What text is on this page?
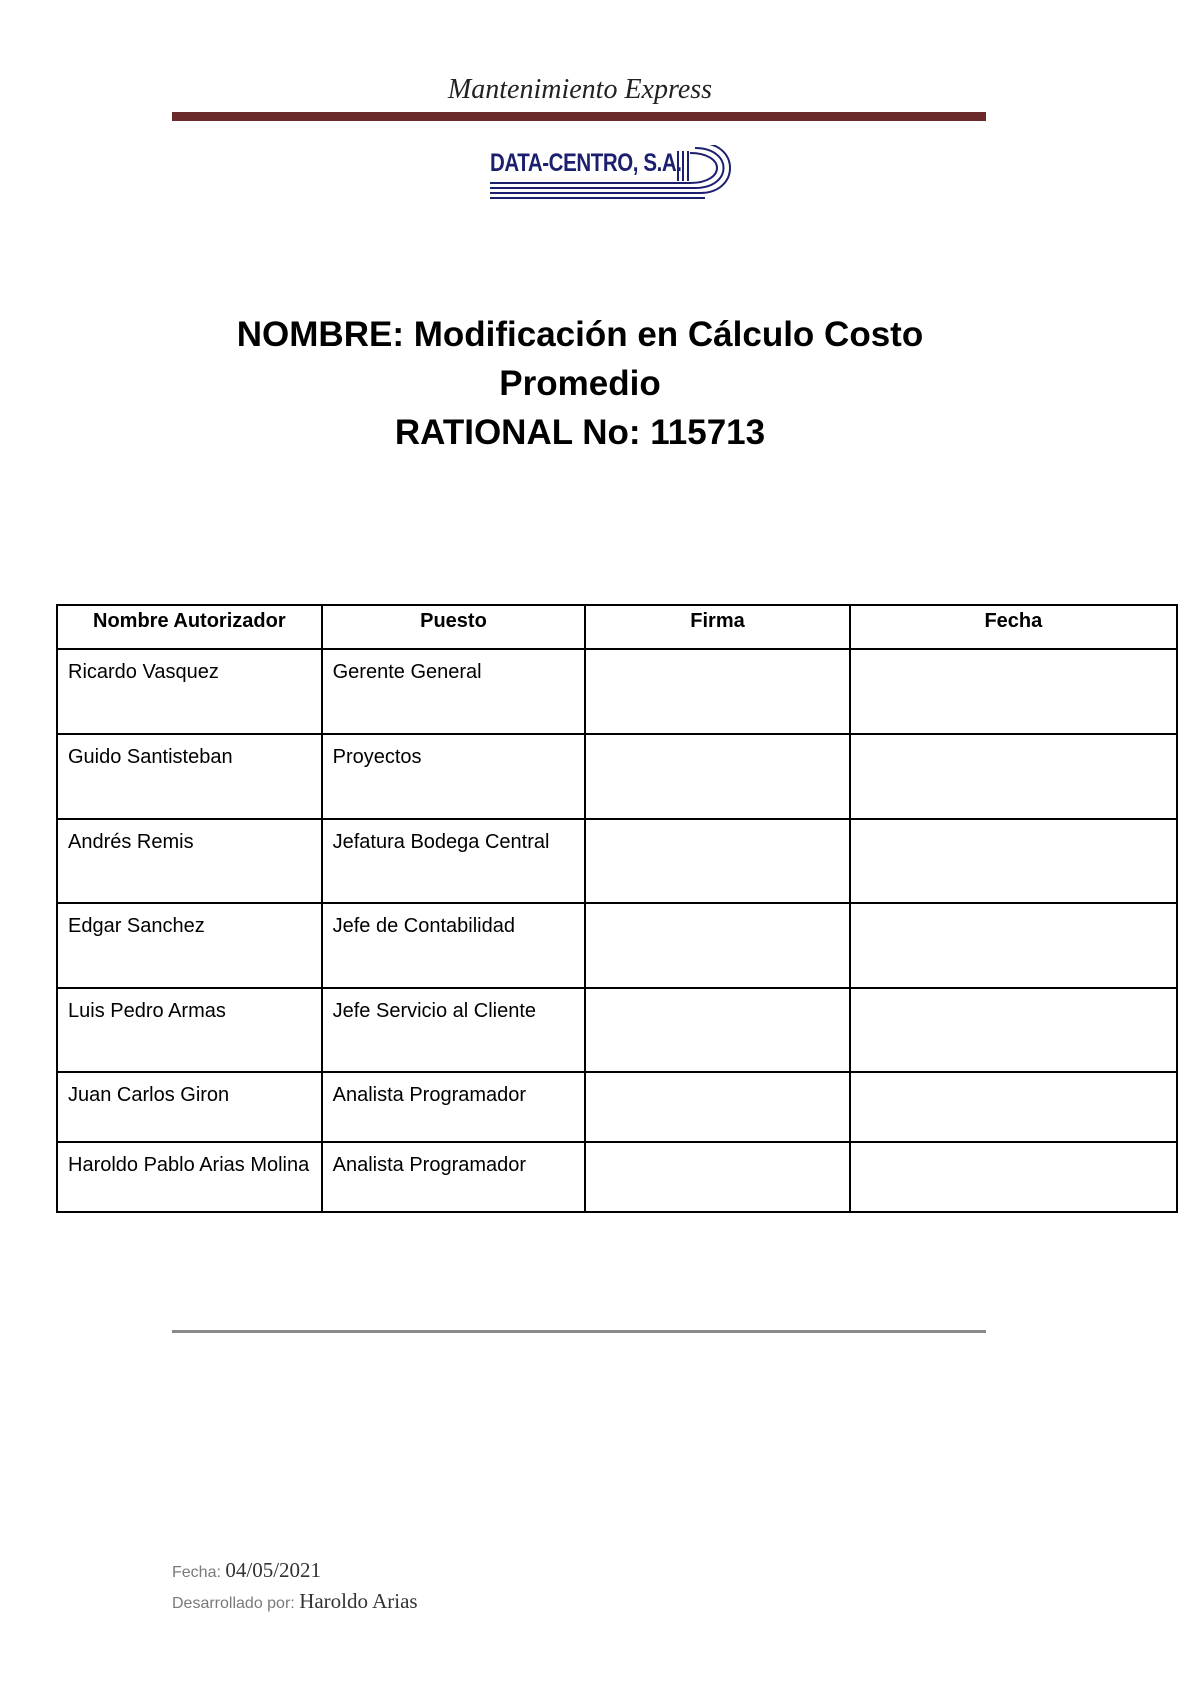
Mantenimiento Express
DATA-CENTRO, S.A.
NOMBRE: Modificación en Cálculo Costo
Promedio
RATIONAL No: 115713
Nombre Autorizador	Puesto	Firma	Fecha
Ricardo Vasquez	Gerente General		
Guido Santisteban	Proyectos		
Andrés Remis	Jefatura Bodega Central		
Edgar Sanchez	Jefe de Contabilidad		
Luis Pedro Armas	Jefe Servicio al Cliente		
Juan Carlos Giron	Analista Programador		
Haroldo Pablo Arias Molina	Analista Programador		
Fecha: 04/05/2021
Desarrollado por: Haroldo Arias
